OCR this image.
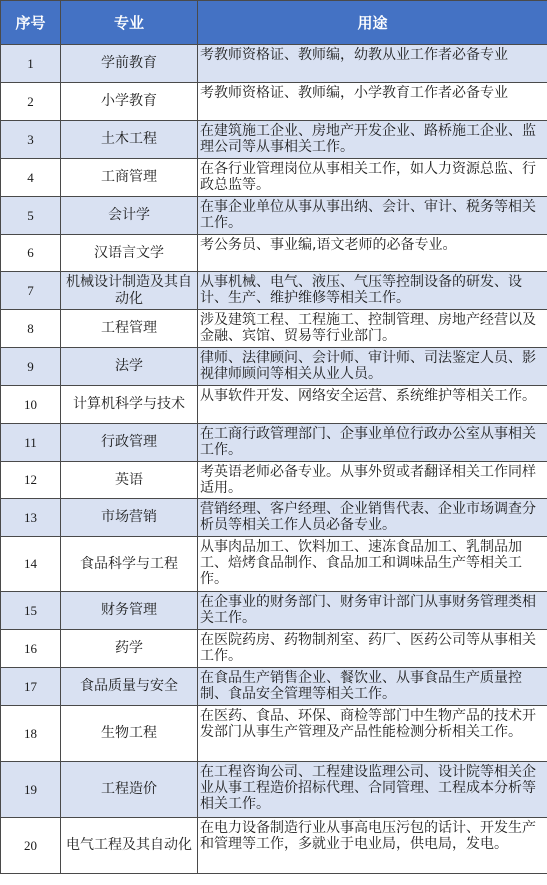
序号	专业	用途
1	学前教育	考教师资格证、教师编，幼教从业工作者必备专业
2	小学教育	考教师资格证、教师编，小学教育工作者必备专业
3	土木工程	在建筑施工企业、房地产开发企业、路桥施工企业、监理公司等从事相关工作。
4	工商管理	在各行业管理岗位从事相关工作，如人力资源总监、行政总监等。
5	会计学	在事企业单位从事从事出纳、会计、审计、税务等相关工作。
6	汉语言文学	考公务员、事业编,语文老师的必备专业。
7	机械设计制造及其自动化	从事机械、电气、液压、气压等控制设备的研发、设计、生产、维护维修等相关工作。
8	工程管理	涉及建筑工程、工程施工、控制管理、房地产经营以及金融、宾馆、贸易等行业部门。
9	法学	律师、法律顾问、会计师、审计师、司法鉴定人员、影视律师顾问等相关从业人员。
10	计算机科学与技术	从事软件开发、网络安全运营、系统维护等相关工作。
11	行政管理	在工商行政管理部门、企事业单位行政办公室从事相关工作。
12	英语	考英语老师必备专业。从事外贸或者翻译相关工作同样适用。
13	市场营销	营销经理、客户经理、企业销售代表、企业市场调查分析员等相关工作人员必备专业。
14	食品科学与工程	从事肉品加工、饮料加工、速冻食品加工、乳制品加工、焙烤食品制作、食品加工和调味品生产等相关工作。
15	财务管理	在企事业的财务部门、财务审计部门从事财务管理类相关工作。
16	药学	在医院药房、药物制剂室、药厂、医药公司等从事相关工作。
17	食品质量与安全	在食品生产销售企业、餐饮业、从事食品生产质量控制、食品安全管理等相关工作。
18	生物工程	在医药、食品、环保、商检等部门中生物产品的技术开发部门从事生产管理及产品性能检测分析相关工作。
19	工程造价	在工程咨询公司、工程建设监理公司、设计院等相关企业从事工程造价招标代理、合同管理、工程成本分析等相关工作。
20	电气工程及其自动化	在电力设备制造行业从事高电压污包的话计、开发生产和管理等工作，多就业于电业局，供电局，发电。
